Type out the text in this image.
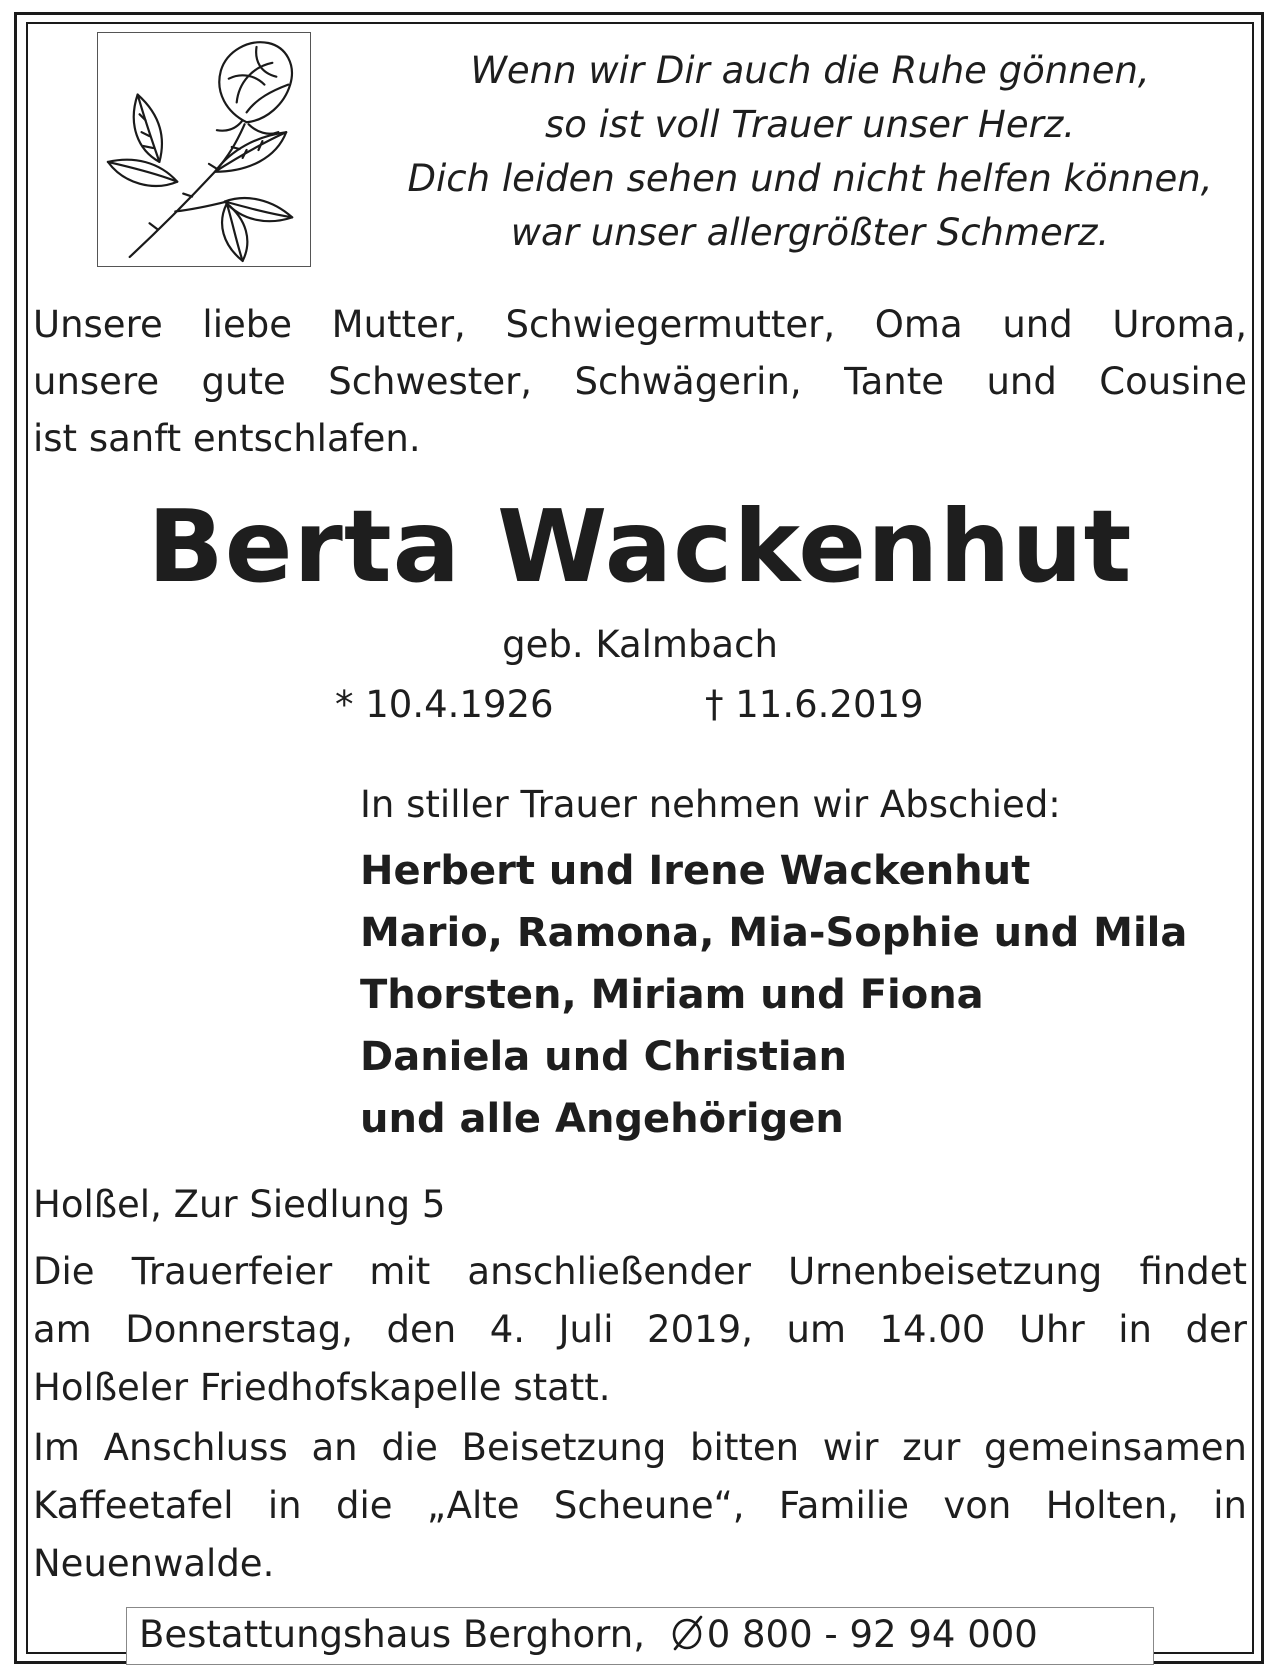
Wenn wir Dir auch die Ruhe gönnen,
so ist voll Trauer unser Herz.
Dich leiden sehen und nicht helfen können,
war unser allergrößter Schmerz.
Unsere liebe Mutter, Schwiegermutter, Oma und Uroma,
unsere gute Schwester, Schwägerin, Tante und Cousine
ist sanft entschlafen.
Berta Wackenhut
geb. Kalmbach
* 10.4.1926	† 11.6.2019
In stiller Trauer nehmen wir Abschied:
Herbert und Irene Wackenhut
Mario, Ramona, Mia-Sophie und Mila
Thorsten, Miriam und Fiona
Daniela und Christian
und alle Angehörigen
Holßel, Zur Siedlung 5
Die Trauerfeier mit anschließender Urnenbeisetzung findet
am Donnerstag, den 4. Juli 2019, um 14.00 Uhr in der
Holßeler Friedhofskapelle statt.
Im Anschluss an die Beisetzung bitten wir zur gemeinsamen
Kaffeetafel in die „Alte Scheune“, Familie von Holten, in
Neuenwalde.
Bestattungshaus Berghorn, 0 800 - 92 94 000
